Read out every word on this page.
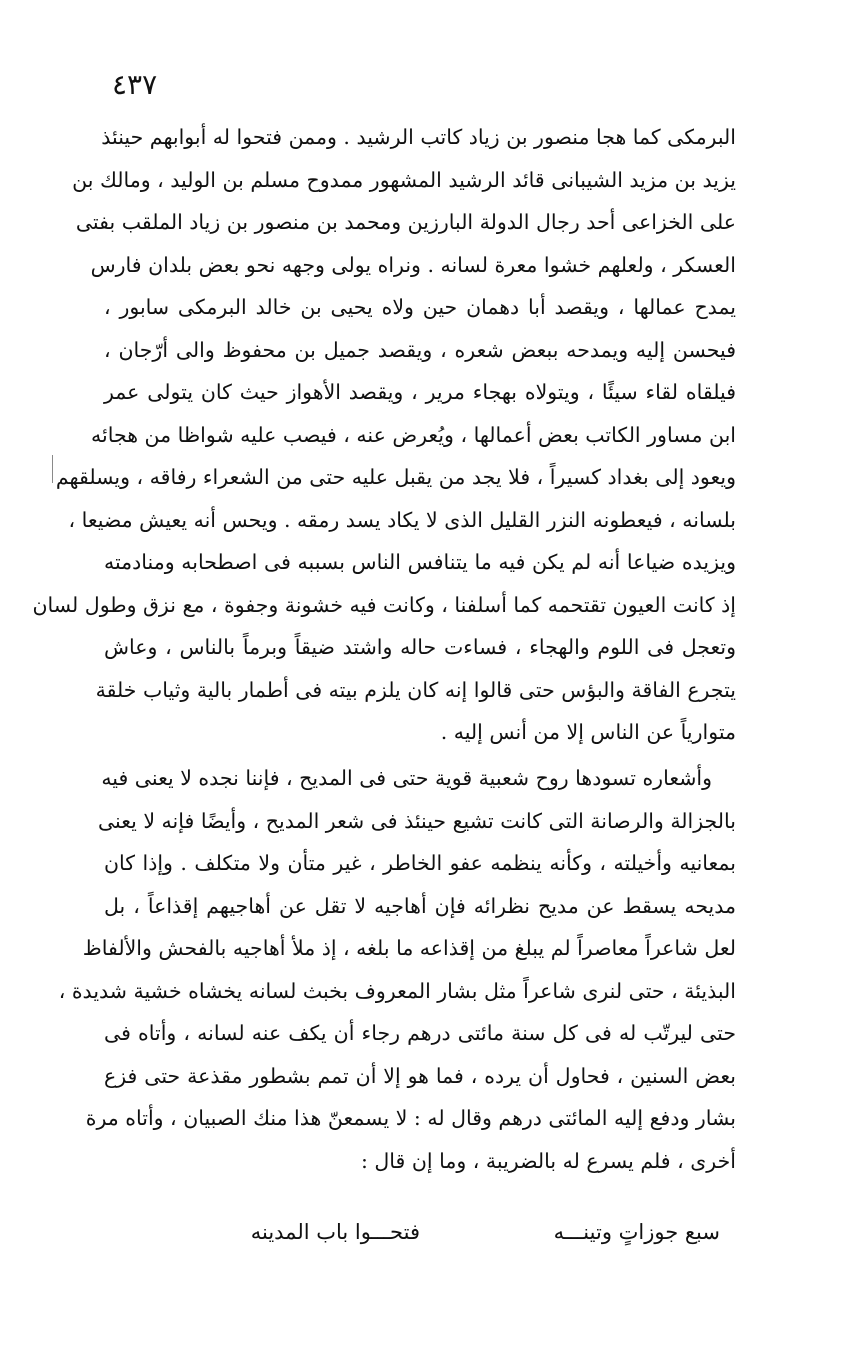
٤٣٧
البرمكى كما هجا منصور بن زياد كاتب الرشيد . وممن فتحوا له أبوابهم حينئذ
يزيد بن مزيد الشيبانى قائد الرشيد المشهور ممدوح مسلم بن الوليد ، ومالك بن
على الخزاعى أحد رجال الدولة البارزين ومحمد بن منصور بن زياد الملقب بفتى
العسكر ، ولعلهم خشوا معرة لسانه . ونراه يولى وجهه نحو بعض بلدان فارس
يمدح عمالها ، ويقصد أبا دهمان حين ولاه يحيى بن خالد البرمكى سابور ،
فيحسن إليه ويمدحه ببعض شعره ، ويقصد جميل بن محفوظ والى أرّجان ،
فيلقاه لقاء سيئًا ، ويتولاه بهجاء مرير ، ويقصد الأهواز حيث كان يتولى عمر
ابن مساور الكاتب بعض أعمالها ، ويُعرض عنه ، فيصب عليه شواظا من هجائه
ويعود إلى بغداد كسيراً ، فلا يجد من يقبل عليه حتى من الشعراء رفاقه ، ويسلقهم
بلسانه ، فيعطونه النزر القليل الذى لا يكاد يسد رمقه . ويحس أنه يعيش مضيعا ،
ويزيده ضياعا أنه لم يكن فيه ما يتنافس الناس بسببه فى اصطحابه ومنادمته
إذ كانت العيون تقتحمه كما أسلفنا ، وكانت فيه خشونة وجفوة ، مع نزق وطول لسان
وتعجل فى اللوم والهجاء ، فساءت حاله واشتد ضيقاً وبرماً بالناس ، وعاش
يتجرع الفاقة والبؤس حتى قالوا إنه كان يلزم بيته فى أطمار بالية وثياب خلقة
متوارياً عن الناس إلا من أنس إليه .
وأشعاره تسودها روح شعبية قوية حتى فى المديح ، فإننا نجده لا يعنى فيه
بالجزالة والرصانة التى كانت تشيع حينئذ فى شعر المديح ، وأيضًا فإنه لا يعنى
بمعانيه وأخيلته ، وكأنه ينظمه عفو الخاطر ، غير متأن ولا متكلف . وإذا كان
مديحه يسقط عن مديح نظرائه فإن أهاجيه لا تقل عن أهاجيهم إقذاعاً ، بل
لعل شاعراً معاصراً لم يبلغ من إقذاعه ما بلغه ، إذ ملأ أهاجيه بالفحش والألفاظ
البذيئة ، حتى لنرى شاعراً مثل بشار المعروف بخبث لسانه يخشاه خشية شديدة ،
حتى ليرتّب له فى كل سنة مائتى درهم رجاء أن يكف عنه لسانه ، وأتاه فى
بعض السنين ، فحاول أن يرده ، فما هو إلا أن تمم بشطور مقذعة حتى فزع
بشار ودفع إليه المائتى درهم وقال له : لا يسمعنّ هذا منك الصبيان ، وأتاه مرة
أخرى ، فلم يسرع له بالضريبة ، وما إن قال :
سبع جوزاتٍ وتينـــه
فتحـــوا باب المدينه
